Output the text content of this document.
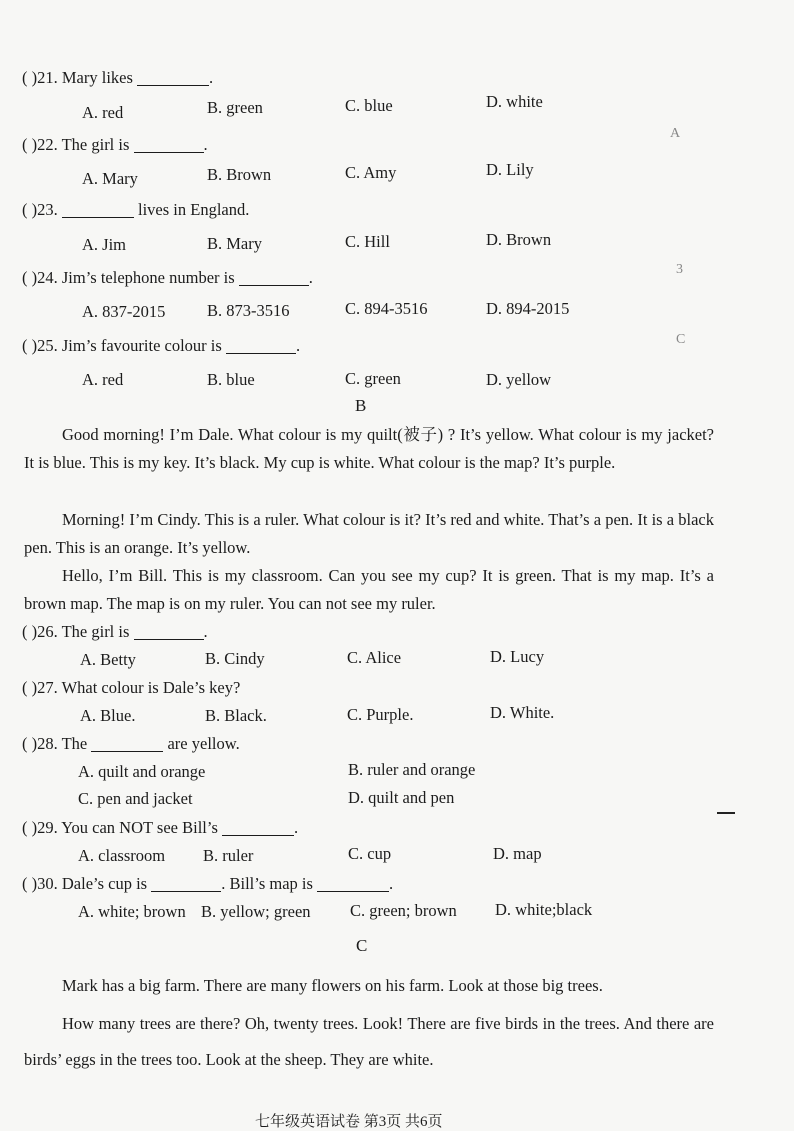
( )21. Mary likes	.
A. red	B. green	C. blue	D. white
( )22. The girl is	.
A. Mary	B. Brown	C. Amy	D. Lily
( )23.	lives in England.
A. Jim	B. Mary	C. Hill	D. Brown
( )24. Jim’s telephone number is	.
A. 837-2015	B. 873-3516	C. 894-3516	D. 894-2015
( )25. Jim’s favourite colour is	.
A. red	B. blue	C. green	D. yellow
B
Good morning! I’m Dale. What colour is my quilt(被子) ? It’s yellow. What colour is my jacket? It is blue. This is my key. It’s black. My cup is white. What colour is the map? It’s purple.
Morning! I’m Cindy. This is a ruler. What colour is it? It’s red and white. That’s a pen. It is a black pen. This is an orange. It’s yellow.
Hello, I’m Bill. This is my classroom. Can you see my cup? It is green. That is my map. It’s a brown map. The map is on my ruler. You can not see my ruler.
( )26. The girl is	.
A. Betty	B. Cindy	C. Alice	D. Lucy
( )27. What colour is Dale’s key?
A. Blue.	B. Black.	C. Purple.	D. White.
( )28. The	are yellow.
A. quilt and orange	B. ruler and orange
C. pen and jacket	D. quilt and pen
( )29. You can NOT see Bill’s	.
A. classroom B. ruler	C. cup	D. map
( )30. Dale’s cup is	. Bill’s map is	.
A. white; brown B. yellow; green C. green; brown D. white;black
C
Mark has a big farm. There are many flowers on his farm. Look at those big trees.
How many trees are there? Oh, twenty trees. Look! There are five birds in the trees. And there are birds’ eggs in the trees too. Look at the sheep. They are white.
七年级英语试卷 第3页 共6页
A
3
C
